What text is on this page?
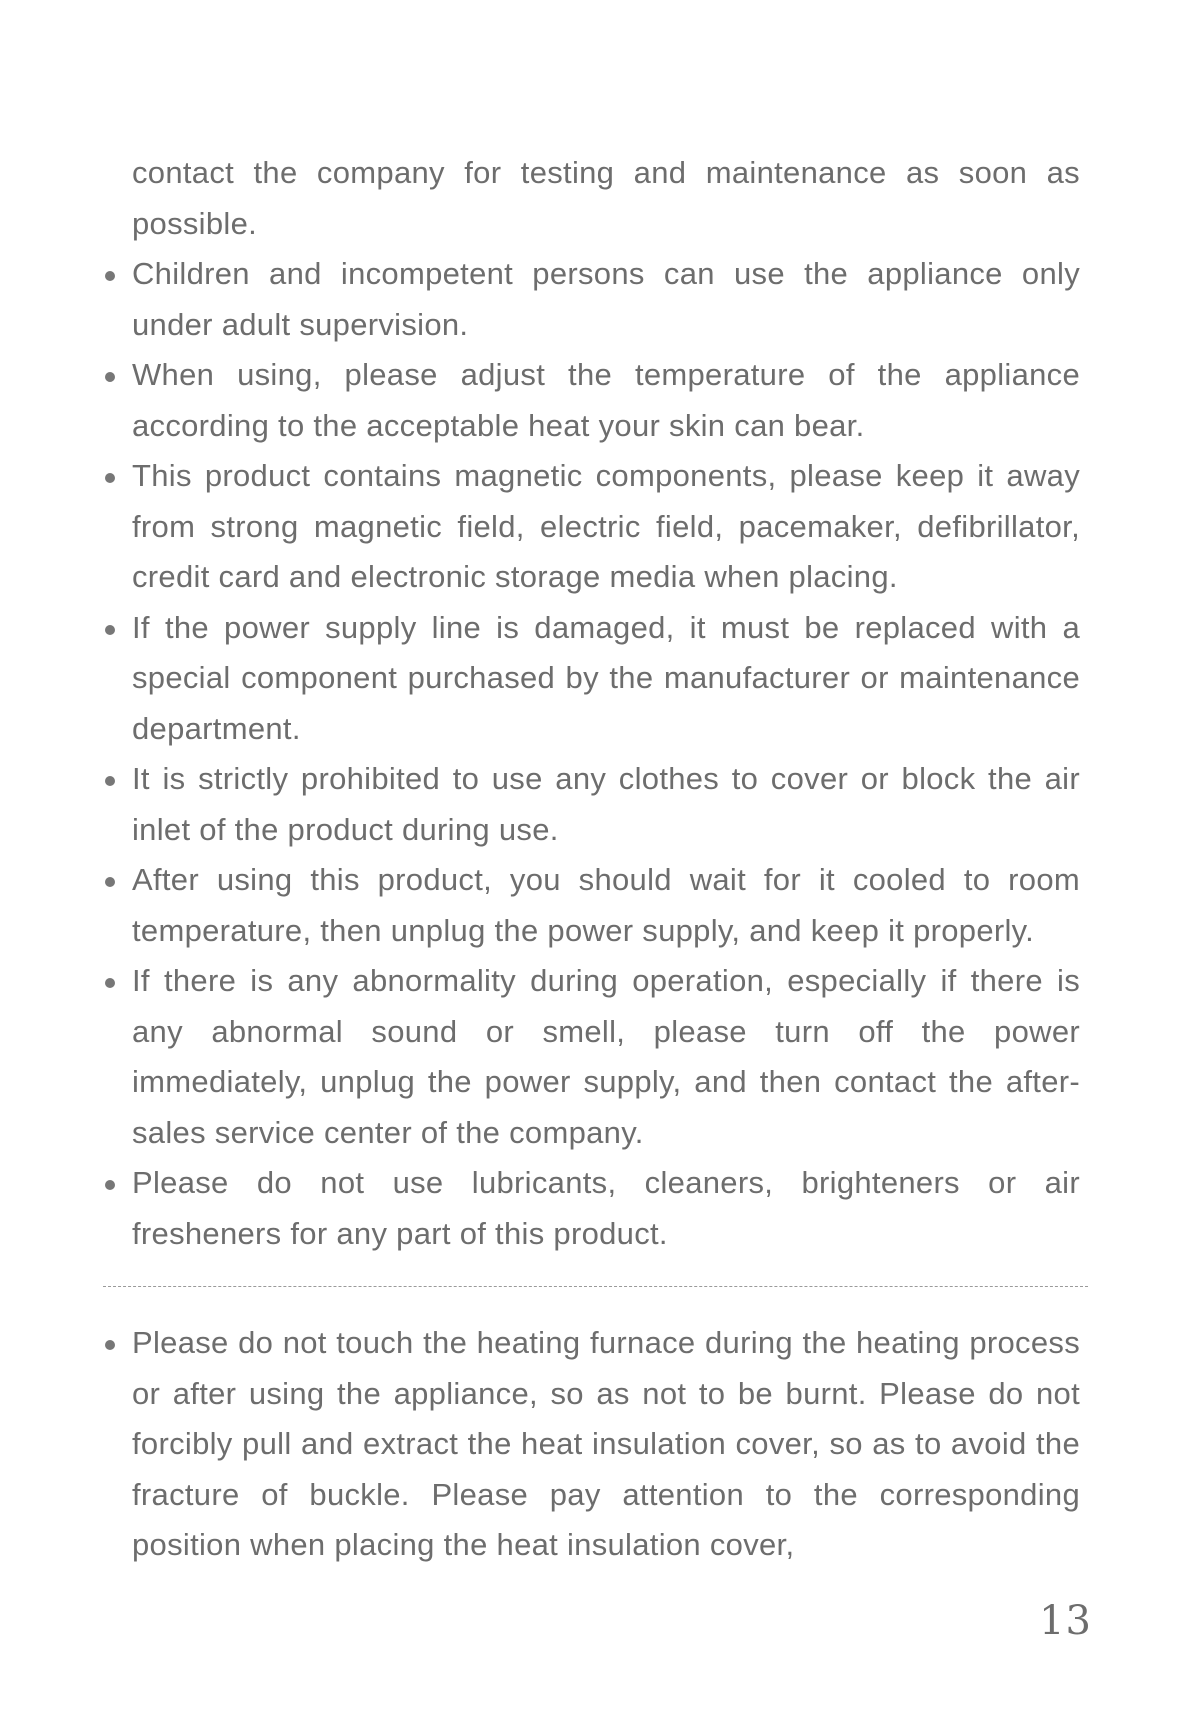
contact the company for testing and maintenance as soon as possible.

Children and incompetent persons can use the appliance only under adult supervision.
When using, please adjust the temperature of the appliance according to the acceptable heat your skin can bear.
This product contains magnetic components, please keep it away from strong magnetic field, electric field, pacemaker, defibrillator, credit card and electronic storage media when placing.
If the power supply line is damaged, it must be replaced with a special component purchased by the manufacturer or maintenance department.
It is strictly prohibited to use any clothes to cover or block the air inlet of the product during use.
After using this product, you should wait for it cooled to room temperature, then unplug the power supply, and keep it properly.
If there is any abnormality during operation, especially if there is any abnormal sound or smell, please turn off the power immediately, unplug the power supply, and then contact the after-sales service center of the company.
Please do not use lubricants, cleaners, brighteners or air fresheners for any part of this product.
Please do not touch the heating furnace during the heating process or after using the appliance, so as not to be burnt. Please do not forcibly pull and extract the heat insulation cover, so as to avoid the fracture of buckle. Please pay attention to the corresponding position when placing the heat insulation cover,
13
